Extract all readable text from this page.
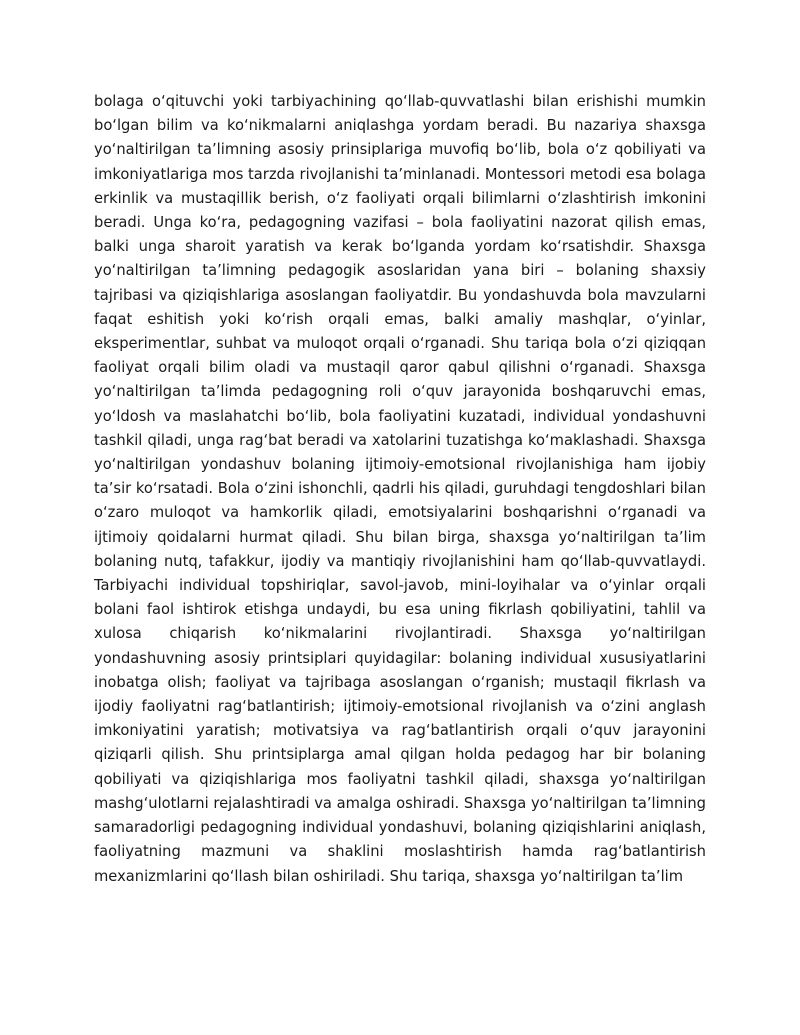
bolaga o‘qituvchi yoki tarbiyachining qo‘llab-quvvatlashi bilan erishishi mumkin bo‘lgan bilim va ko‘nikmalarni aniqlashga yordam beradi. Bu nazariya shaxsga yo‘naltirilgan ta’limning asosiy prinsiplariga muvofiq bo‘lib, bola o‘z qobiliyati va imkoniyatlariga mos tarzda rivojlanishi ta’minlanadi. Montessori metodi esa bolaga erkinlik va mustaqillik berish, o‘z faoliyati orqali bilimlarni o‘zlashtirish imkonini beradi. Unga ko‘ra, pedagogning vazifasi – bola faoliyatini nazorat qilish emas, balki unga sharoit yaratish va kerak bo‘lganda yordam ko‘rsatishdir. Shaxsga yo‘naltirilgan ta’limning pedagogik asoslaridan yana biri – bolaning shaxsiy tajribasi va qiziqishlariga asoslangan faoliyatdir. Bu yondashuvda bola mavzularni faqat eshitish yoki ko‘rish orqali emas, balki amaliy mashqlar, o‘yinlar, eksperimentlar, suhbat va muloqot orqali o‘rganadi. Shu tariqa bola o‘zi qiziqqan faoliyat orqali bilim oladi va mustaqil qaror qabul qilishni o‘rganadi. Shaxsga yo‘naltirilgan ta’limda pedagogning roli o‘quv jarayonida boshqaruvchi emas, yo‘ldosh va maslahatchi bo‘lib, bola faoliyatini kuzatadi, individual yondashuvni tashkil qiladi, unga rag‘bat beradi va xatolarini tuzatishga ko‘maklashadi. Shaxsga yo‘naltirilgan yondashuv bolaning ijtimoiy-emotsional rivojlanishiga ham ijobiy ta’sir ko‘rsatadi. Bola o‘zini ishonchli, qadrli his qiladi, guruhdagi tengdoshlari bilan o‘zaro muloqot va hamkorlik qiladi, emotsiyalarini boshqarishni o‘rganadi va ijtimoiy qoidalarni hurmat qiladi. Shu bilan birga, shaxsga yo‘naltirilgan ta’lim bolaning nutq, tafakkur, ijodiy va mantiqiy rivojlanishini ham qo‘llab-quvvatlaydi. Tarbiyachi individual topshiriqlar, savol-javob, mini-loyihalar va o‘yinlar orqali bolani faol ishtirok etishga undaydi, bu esa uning fikrlash qobiliyatini, tahlil va xulosa chiqarish ko‘nikmalarini rivojlantiradi. Shaxsga yo‘naltirilgan yondashuvning asosiy printsiplari quyidagilar: bolaning individual xususiyatlarini inobatga olish; faoliyat va tajribaga asoslangan o‘rganish; mustaqil fikrlash va ijodiy faoliyatni rag‘batlantirish; ijtimoiy-emotsional rivojlanish va o‘zini anglash imkoniyatini yaratish; motivatsiya va rag‘batlantirish orqali o‘quv jarayonini qiziqarli qilish. Shu printsiplarga amal qilgan holda pedagog har bir bolaning qobiliyati va qiziqishlariga mos faoliyatni tashkil qiladi, shaxsga yo‘naltirilgan mashg‘ulotlarni rejalashtiradi va amalga oshiradi. Shaxsga yo‘naltirilgan ta’limning samaradorligi pedagogning individual yondashuvi, bolaning qiziqishlarini aniqlash, faoliyatning mazmuni va shaklini moslashtirish hamda rag‘batlantirish mexanizmlarini qo‘llash bilan oshiriladi. Shu tariqa, shaxsga yo‘naltirilgan ta’lim
